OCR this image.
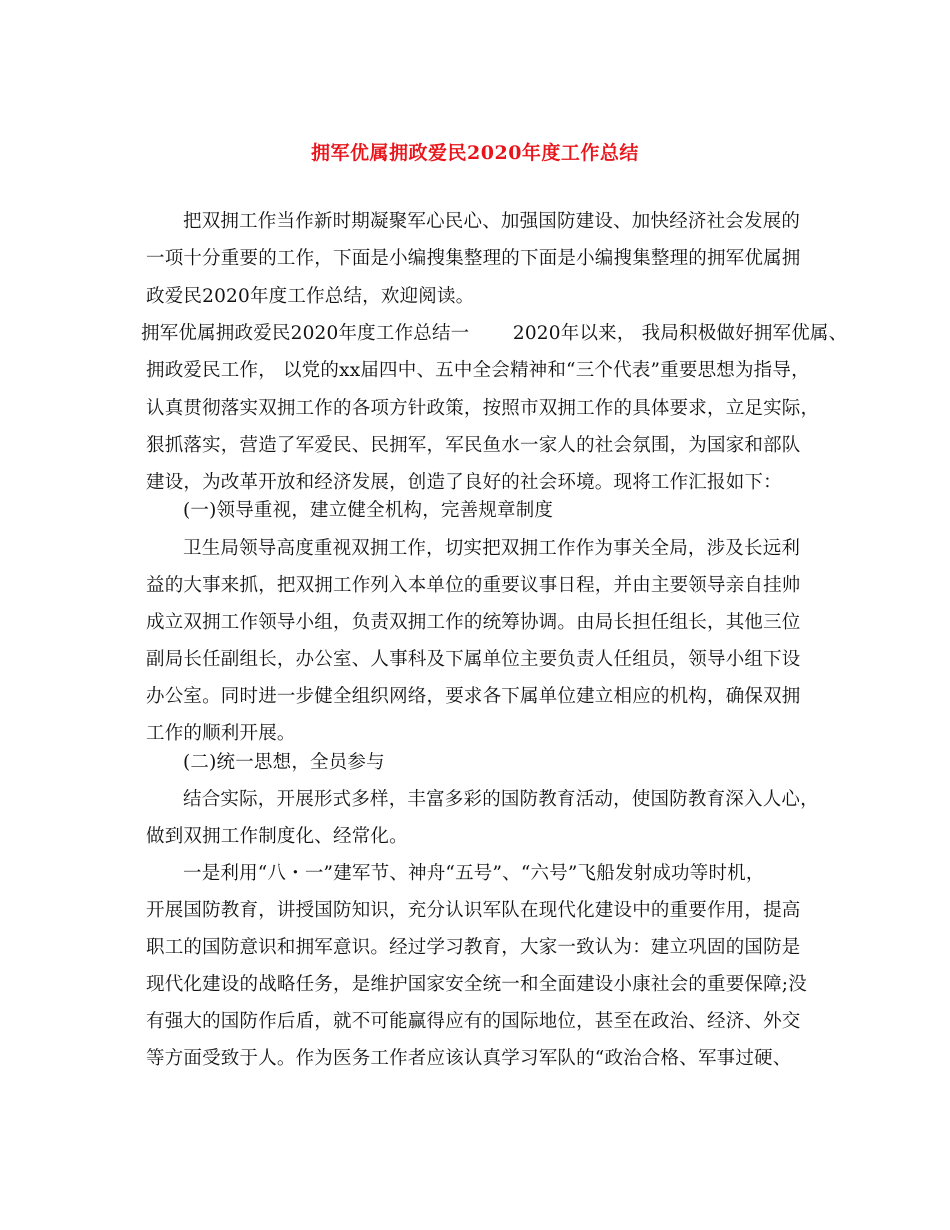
拥军优属拥政爱民2020年度工作总结
把双拥工作当作新时期凝聚军心民心、加强国防建设、加快经济社会发展的
一项十分重要的工作，下面是小编搜集整理的下面是小编搜集整理的拥军优属拥
政爱民2020年度工作总结，欢迎阅读。
拥军优属拥政爱民2020年度工作总结一　　 2020年以来， 我局积极做好拥军优属、
拥政爱民工作， 以党的xx届四中、五中全会精神和“三个代表”重要思想为指导，
认真贯彻落实双拥工作的各项方针政策，按照市双拥工作的具体要求，立足实际，
狠抓落实，营造了军爱民、民拥军，军民鱼水一家人的社会氛围，为国家和部队
建设，为改革开放和经济发展，创造了良好的社会环境。现将工作汇报如下：
(一)领导重视，建立健全机构，完善规章制度
卫生局领导高度重视双拥工作，切实把双拥工作作为事关全局，涉及长远利
益的大事来抓，把双拥工作列入本单位的重要议事日程，并由主要领导亲自挂帅
成立双拥工作领导小组，负责双拥工作的统筹协调。由局长担任组长，其他三位
副局长任副组长，办公室、人事科及下属单位主要负责人任组员，领导小组下设
办公室。同时进一步健全组织网络，要求各下属单位建立相应的机构，确保双拥
工作的顺利开展。
(二)统一思想，全员参与
结合实际，开展形式多样，丰富多彩的国防教育活动，使国防教育深入人心，
做到双拥工作制度化、经常化。
一是利用“八・一”建军节、神舟“五号”、“六号”飞船发射成功等时机，
开展国防教育，讲授国防知识，充分认识军队在现代化建设中的重要作用，提高
职工的国防意识和拥军意识。经过学习教育，大家一致认为：建立巩固的国防是
现代化建设的战略任务，是维护国家安全统一和全面建设小康社会的重要保障;没
有强大的国防作后盾，就不可能赢得应有的国际地位，甚至在政治、经济、外交
等方面受致于人。作为医务工作者应该认真学习军队的“政治合格、军事过硬、
